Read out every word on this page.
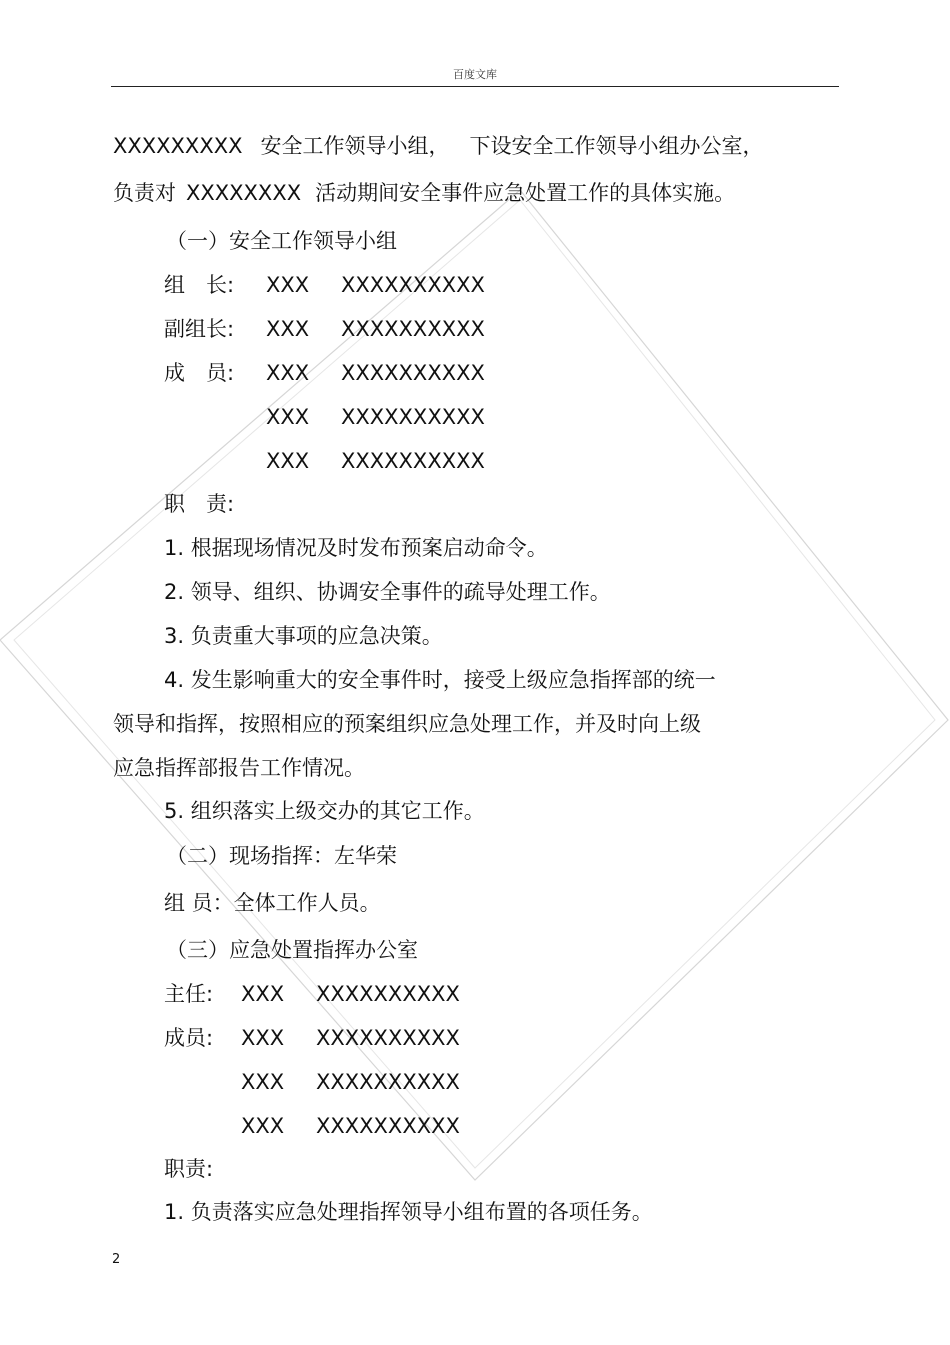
百度文库
XXXXXXXXX 安全工作领导小组， 下设安全工作领导小组办公室，
负责对 XXXXXXXX 活动期间安全事件应急处置工作的具体实施。
（一）安全工作领导小组
组　长: XXX XXXXXXXXXX
副组长: XXX XXXXXXXXXX
成　员: XXX XXXXXXXXXX
XXX XXXXXXXXXX
XXX XXXXXXXXXX
职　责:
1. 根据现场情况及时发布预案启动命令。
2. 领导、组织、协调安全事件的疏导处理工作。
3. 负责重大事项的应急决策。
4. 发生影响重大的安全事件时，接受上级应急指挥部的统一
领导和指挥，按照相应的预案组织应急处理工作，并及时向上级
应急指挥部报告工作情况。
5. 组织落实上级交办的其它工作。
（二）现场指挥：左华荣
组 员：全体工作人员。
（三）应急处置指挥办公室
主任: XXX XXXXXXXXXX
成员: XXX XXXXXXXXXX
XXX XXXXXXXXXX
XXX XXXXXXXXXX
职责:
1. 负责落实应急处理指挥领导小组布置的各项任务。
2
